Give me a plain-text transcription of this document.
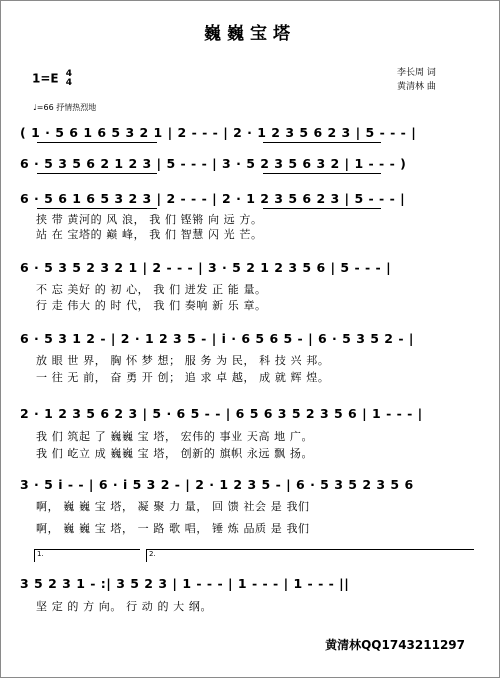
巍巍宝塔
1=E 4
4
李长周 词
黄清林 曲
♩=66 抒情热烈地
( 1 · 5 6 1 6 5 3 2 1 | 2 - - - | 2 · 1 2 3 5 6 2 3 | 5 - - - |
6 · 5 3 5 6 2 1 2 3 | 5 - - - | 3 · 5 2 3 5 6 3 2 | 1 - - - )
6 · 5 6 1 6 5 3 2 3 | 2 - - - | 2 · 1 2 3 5 6 2 3 | 5 - - - |
挟 带 黄河的 风 浪， 我 们 铿锵 向 远 方。
站 在 宝塔的 巅 峰， 我 们 智慧 闪 光 芒。
6 · 5 3 5 2 3 2 1 | 2 - - - | 3 · 5 2 1 2 3 5 6 | 5 - - - |
不 忘 美好 的 初 心， 我 们 迸发 正 能 量。
行 走 伟大 的 时 代， 我 们 奏响 新 乐 章。
6 · 5 3 1 2 - | 2 · 1 2 3 5 - | i · 6 5 6 5 - | 6 · 5 3 5 2 - |
放 眼 世 界， 胸 怀 梦 想； 服 务 为 民， 科 技 兴 邦。
一 往 无 前， 奋 勇 开 创； 追 求 卓 越， 成 就 辉 煌。
2 · 1 2 3 5 6 2 3 | 5 · 6 5 - - | 6 5 6 3 5 2 3 5 6 | 1 - - - |
我 们 筑起 了 巍巍 宝 塔， 宏伟的 事业 天高 地 广。
我 们 屹立 成 巍巍 宝 塔， 创新的 旗帜 永远 飘 扬。
3 · 5 i - - | 6 · i 5 3 2 - | 2 · 1 2 3 5 - | 6 · 5 3 5 2 3 5 6
啊， 巍 巍 宝 塔， 凝 聚 力 量， 回 馈 社会 是 我们
啊， 巍 巍 宝 塔， 一 路 歌 唱， 锤 炼 品质 是 我们
1.	2.
3 5 2 3 1 - :| 3 5 2 3 | 1 - - - | 1 - - - | 1 - - - ||
坚 定 的 方 向。 行 动 的 大 纲。
黄清林QQ1743211297
